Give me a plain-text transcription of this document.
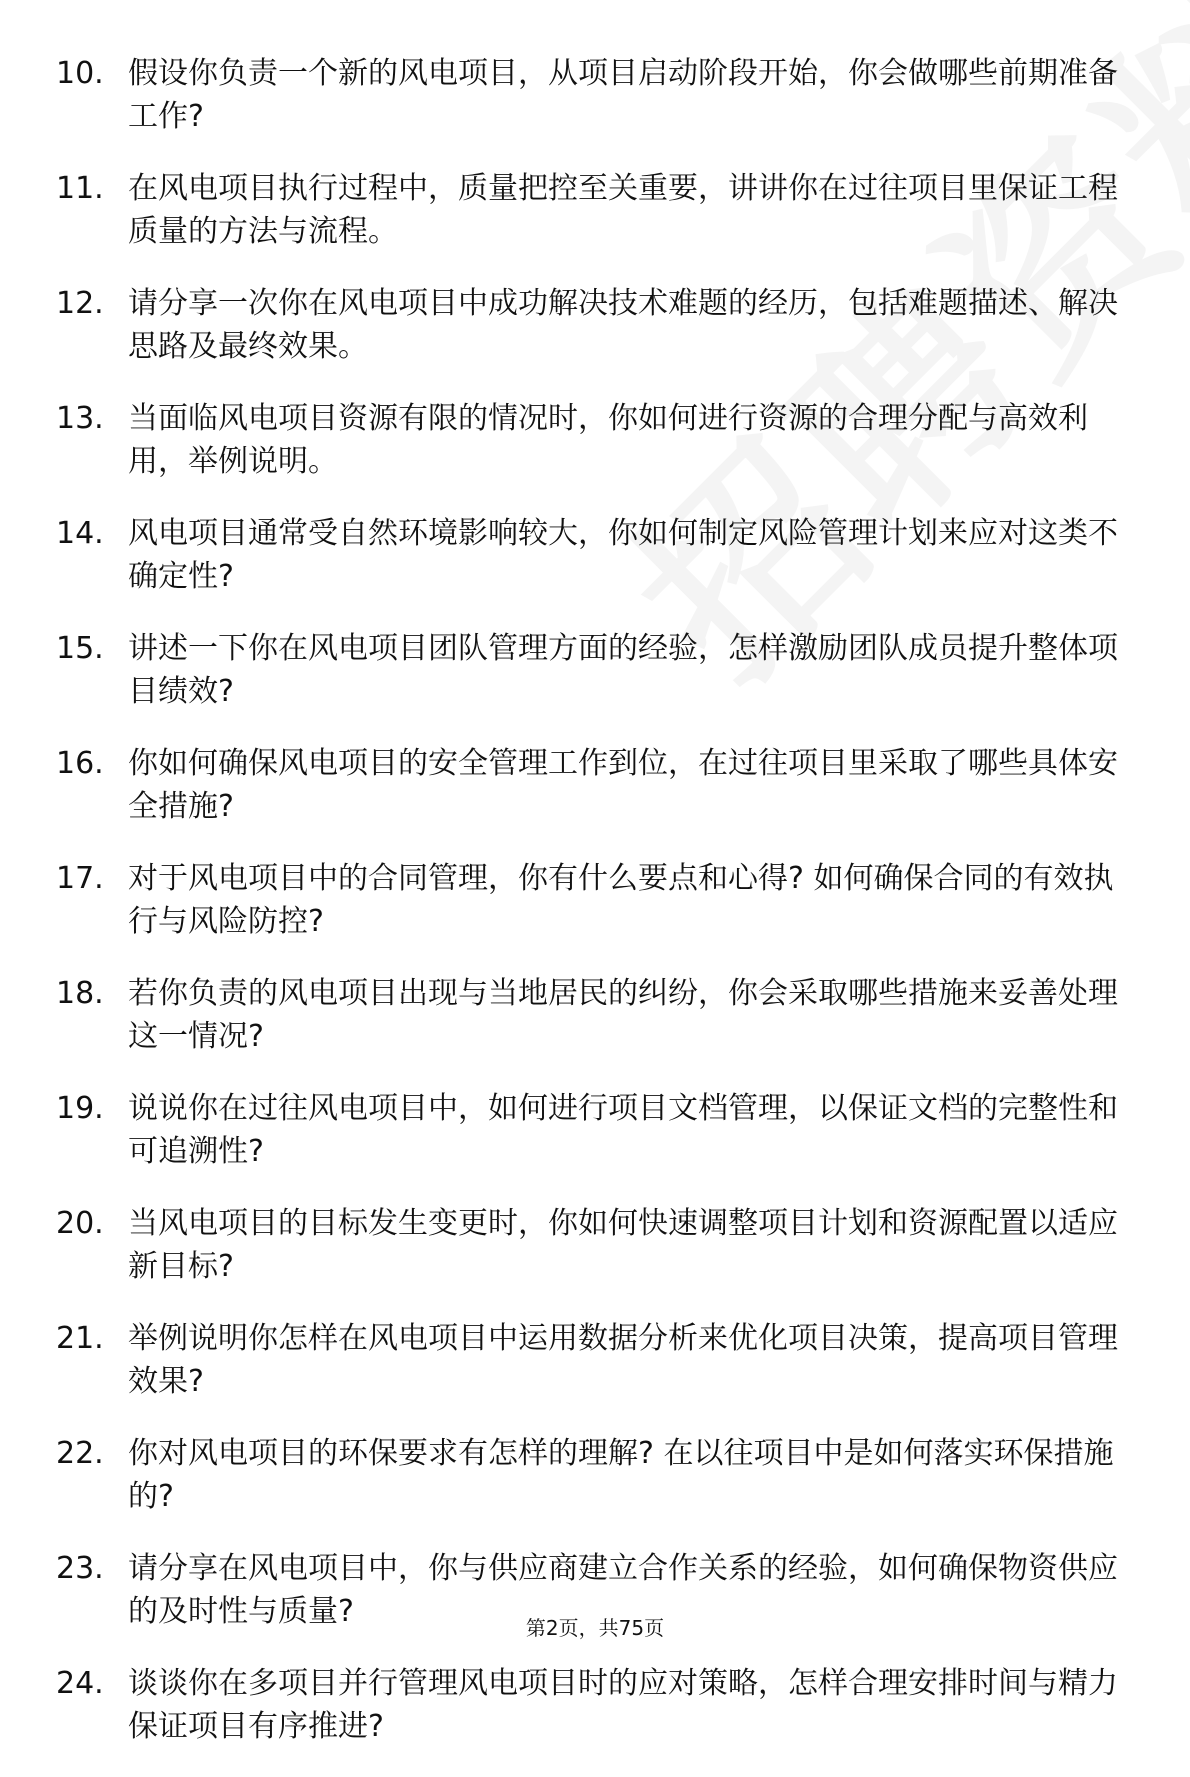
10. 假设你负责一个新的风电项目，从项目启动阶段开始，你会做哪些前期准备工作?
11. 在风电项目执行过程中，质量把控至关重要，讲讲你在过往项目里保证工程质量的方法与流程。
12. 请分享一次你在风电项目中成功解决技术难题的经历，包括难题描述、解决思路及最终效果。
13. 当面临风电项目资源有限的情况时，你如何进行资源的合理分配与高效利用，举例说明。
14. 风电项目通常受自然环境影响较大，你如何制定风险管理计划来应对这类不确定性?
15. 讲述一下你在风电项目团队管理方面的经验，怎样激励团队成员提升整体项目绩效?
16. 你如何确保风电项目的安全管理工作到位，在过往项目里采取了哪些具体安全措施?
17. 对于风电项目中的合同管理，你有什么要点和心得? 如何确保合同的有效执行与风险防控?
18. 若你负责的风电项目出现与当地居民的纠纷，你会采取哪些措施来妥善处理这一情况?
19. 说说你在过往风电项目中，如何进行项目文档管理，以保证文档的完整性和可追溯性?
20. 当风电项目的目标发生变更时，你如何快速调整项目计划和资源配置以适应新目标?
21. 举例说明你怎样在风电项目中运用数据分析来优化项目决策，提高项目管理效果?
22. 你对风电项目的环保要求有怎样的理解? 在以往项目中是如何落实环保措施的?
23. 请分享在风电项目中，你与供应商建立合作关系的经验，如何确保物资供应的及时性与质量?
24. 谈谈你在多项目并行管理风电项目时的应对策略，怎样合理安排时间与精力保证项目有序推进?
第2页，共75页
